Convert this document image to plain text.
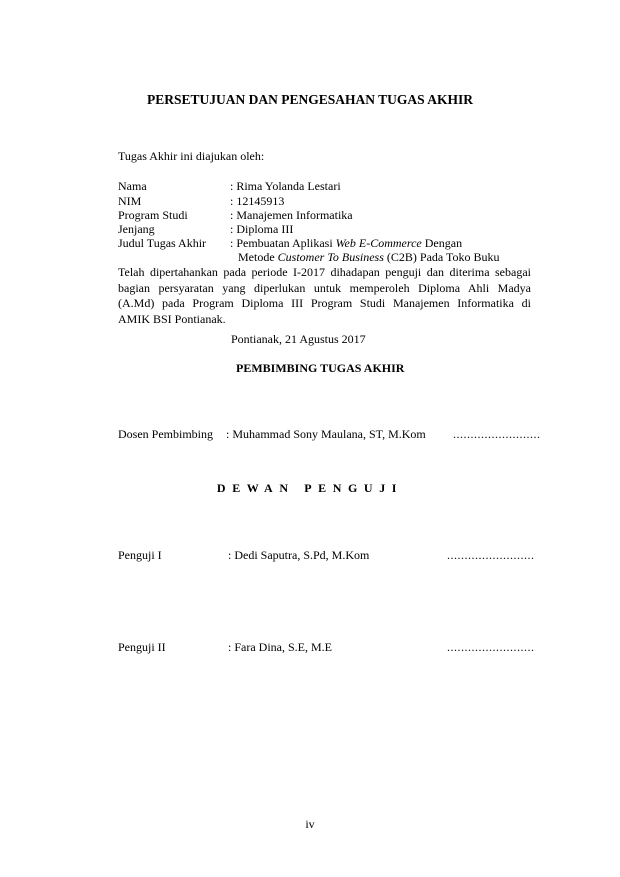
PERSETUJUAN DAN PENGESAHAN TUGAS AKHIR
Tugas Akhir ini diajukan oleh:
Nama	: Rima Yolanda Lestari
NIM	: 12145913
Program Studi	: Manajemen Informatika
Jenjang	: Diploma III
Judul Tugas Akhir : Pembuatan Aplikasi Web E-Commerce Dengan
Metode Customer To Business (C2B) Pada Toko Buku
Telah dipertahankan pada periode I-2017 dihadapan penguji dan diterima sebagai
bagian persyaratan yang diperlukan untuk memperoleh Diploma Ahli Madya
(A.Md) pada Program Diploma III Program Studi Manajemen Informatika di
AMIK BSI Pontianak.
Pontianak, 21 Agustus 2017
PEMBIMBING TUGAS AKHIR
Dosen Pembimbing : Muhammad Sony Maulana, ST, M.Kom .........................
DEWAN PENGUJI
Penguji I	: Dedi Saputra, S.Pd, M.Kom	.........................
Penguji II	: Fara Dina, S.E, M.E	.........................
iv
